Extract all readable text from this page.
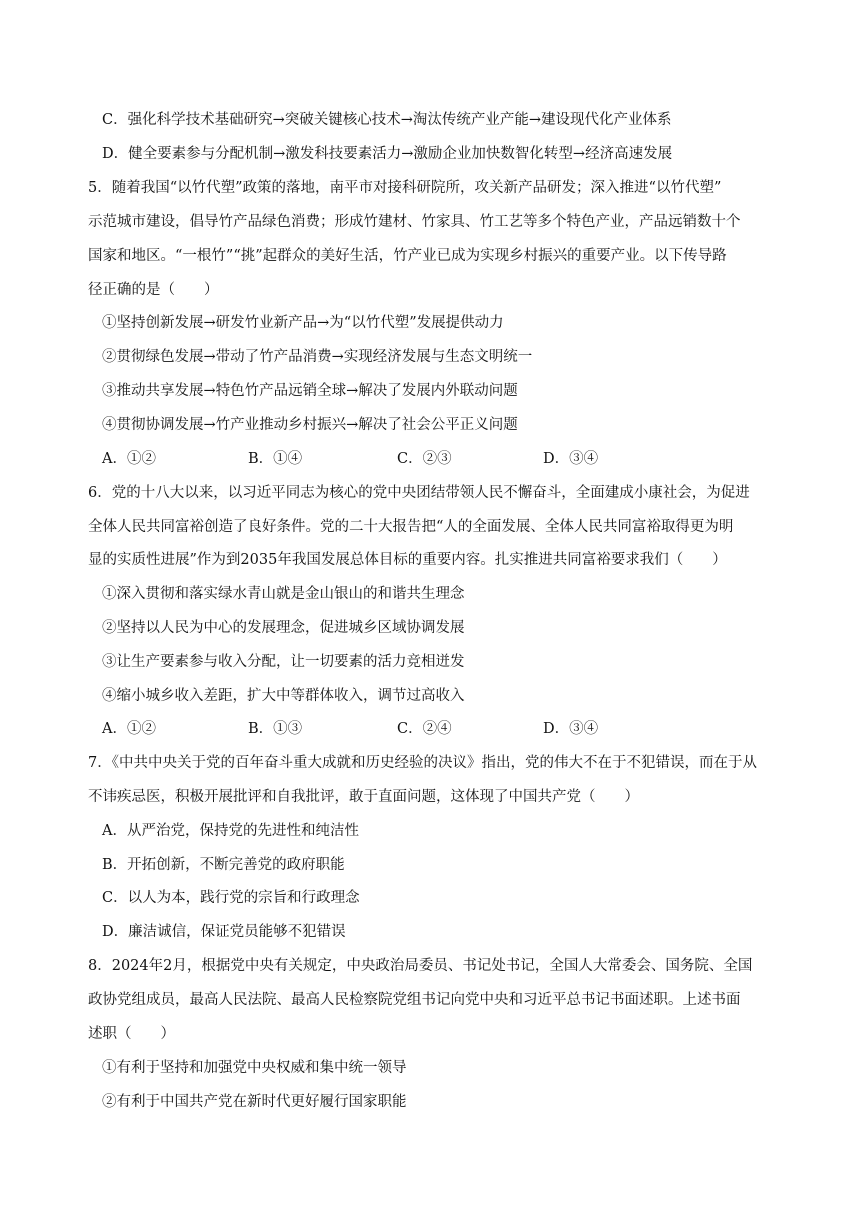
C．强化科学技术基础研究→突破关键核心技术→淘汰传统产业产能→建设现代化产业体系
D．健全要素参与分配机制→激发科技要素活力→激励企业加快数智化转型→经济高速发展
5．随着我国“以竹代塑”政策的落地，南平市对接科研院所，攻关新产品研发；深入推进“以竹代塑”
示范城市建设，倡导竹产品绿色消费；形成竹建材、竹家具、竹工艺等多个特色产业，产品远销数十个
国家和地区。“一根竹”“挑”起群众的美好生活，竹产业已成为实现乡村振兴的重要产业。以下传导路
径正确的是（　　）
①坚持创新发展→研发竹业新产品→为“以竹代塑”发展提供动力
②贯彻绿色发展→带动了竹产品消费→实现经济发展与生态文明统一
③推动共享发展→特色竹产品远销全球→解决了发展内外联动问题
④贯彻协调发展→竹产业推动乡村振兴→解决了社会公平正义问题
A．①②	B．①④	C．②③	D．③④
6．党的十八大以来，以习近平同志为核心的党中央团结带领人民不懈奋斗，全面建成小康社会，为促进
全体人民共同富裕创造了良好条件。党的二十大报告把“人的全面发展、全体人民共同富裕取得更为明
显的实质性进展”作为到2035年我国发展总体目标的重要内容。扎实推进共同富裕要求我们（　　）
①深入贯彻和落实绿水青山就是金山银山的和谐共生理念
②坚持以人民为中心的发展理念，促进城乡区域协调发展
③让生产要素参与收入分配，让一切要素的活力竞相迸发
④缩小城乡收入差距，扩大中等群体收入，调节过高收入
A．①②	B．①③	C．②④	D．③④
7．《中共中央关于党的百年奋斗重大成就和历史经验的决议》指出，党的伟大不在于不犯错误，而在于从
不讳疾忌医，积极开展批评和自我批评，敢于直面问题，这体现了中国共产党（　　）
A．从严治党，保持党的先进性和纯洁性
B．开拓创新，不断完善党的政府职能
C．以人为本，践行党的宗旨和行政理念
D．廉洁诚信，保证党员能够不犯错误
8．2024年2月，根据党中央有关规定，中央政治局委员、书记处书记，全国人大常委会、国务院、全国
政协党组成员，最高人民法院、最高人民检察院党组书记向党中央和习近平总书记书面述职。上述书面
述职（　　）
①有利于坚持和加强党中央权威和集中统一领导
②有利于中国共产党在新时代更好履行国家职能
